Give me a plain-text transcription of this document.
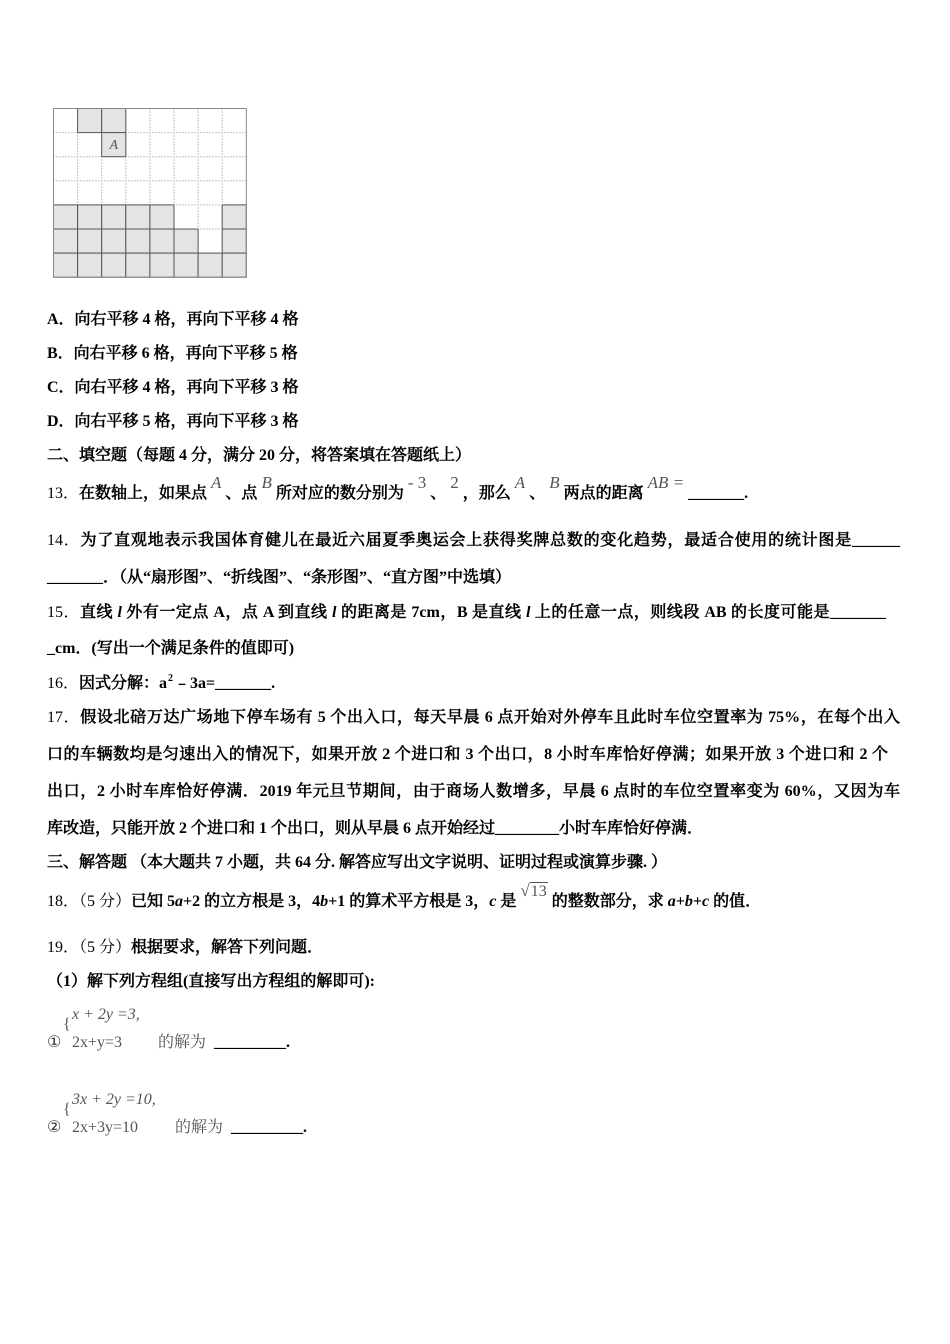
A
A．向右平移 4 格，再向下平移 4 格
B．向右平移 6 格，再向下平移 5 格
C．向右平移 4 格，再向下平移 3 格
D．向右平移 5 格，再向下平移 3 格
二、填空题（每题 4 分，满分 20 分，将答案填在答题纸上）
13．在数轴上，如果点A、点B所对应的数分别为- 3、2，那么A、B两点的距离AB =_______.
14．为了直观地表示我国体育健儿在最近六届夏季奥运会上获得奖牌总数的变化趋势，最适合使用的统计图是______
_______．（从“扇形图”、“折线图”、“条形图”、“直方图”中选填）
15．直线 l 外有一定点 A，点 A 到直线 l 的距离是 7cm，B 是直线 l 上的任意一点，则线段 AB 的长度可能是_______
_cm．(写出一个满足条件的值即可)
16．因式分解：$a^2﹣3a=\_\_\_\_\_\_\_$.
17．假设北碚万达广场地下停车场有 5 个出入口，每天早晨 6 点开始对外停车且此时车位空置率为 75%，在每个出入
口的车辆数均是匀速出入的情况下，如果开放 2 个进口和 3 个出口，8 小时车库恰好停满；如果开放 3 个进口和 2 个
出口，2 小时车库恰好停满．2019 年元旦节期间，由于商场人数增多，早晨 6 点时的车位空置率变为 60%，又因为车
库改造，只能开放 2 个进口和 1 个出口，则从早晨 6 点开始经过________小时车库恰好停满．
三、解答题 （本大题共 7 小题，共 64 分. 解答应写出文字说明、证明过程或演算步骤. ）
18．（5 分）已知 5a+2 的立方根是 3，4b+1 的算术平方根是 3，c 是√13的整数部分，求 a+b+c 的值．
19．（5 分）根据要求，解答下列问题．
（1）解下列方程组(直接写出方程组的解即可):
①
{
x + 2y =3,
2x+y=3 的解为 _________.
②
{
3x + 2y =10,
2x+3y=10 的解为 _________.
